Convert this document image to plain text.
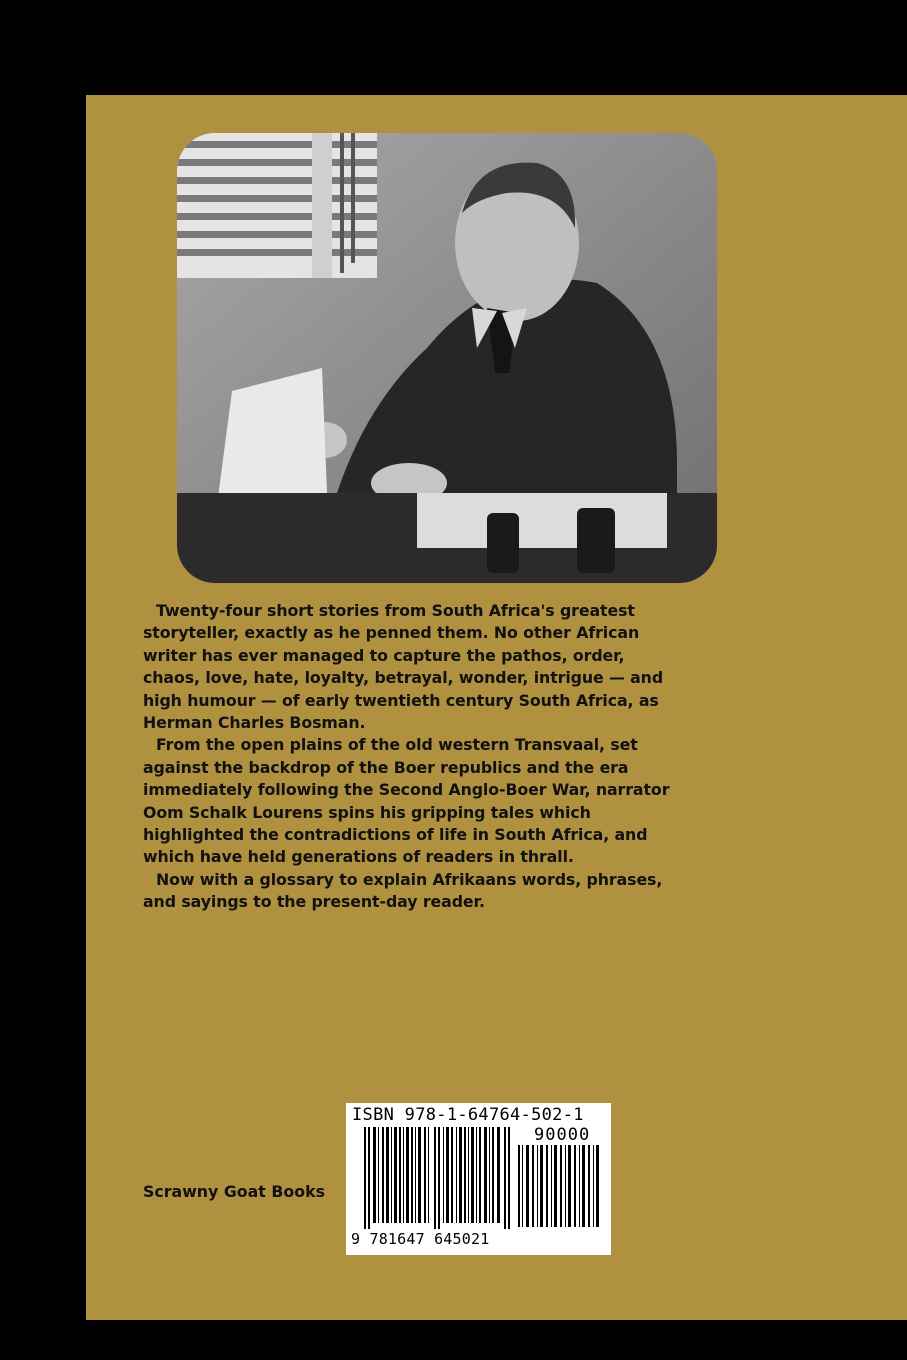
Twenty-four short stories from South Africa's greatest storyteller, exactly as he penned them. No other African writer has ever managed to capture the pathos, order, chaos, love, hate, loyalty, betrayal, wonder, intrigue — and high humour — of early twentieth century South Africa, as Herman Charles Bosman.

From the open plains of the old western Transvaal, set against the backdrop of the Boer republics and the era immediately following the Second Anglo-Boer War, narrator Oom Schalk Lourens spins his gripping tales which highlighted the contradictions of life in South Africa, and which have held generations of readers in thrall.

Now with a glossary to explain Afrikaans words, phrases, and sayings to the present-day reader.

Scrawny Goat Books
ISBN 978-1-64764-502-1
90000
9 781647 645021
